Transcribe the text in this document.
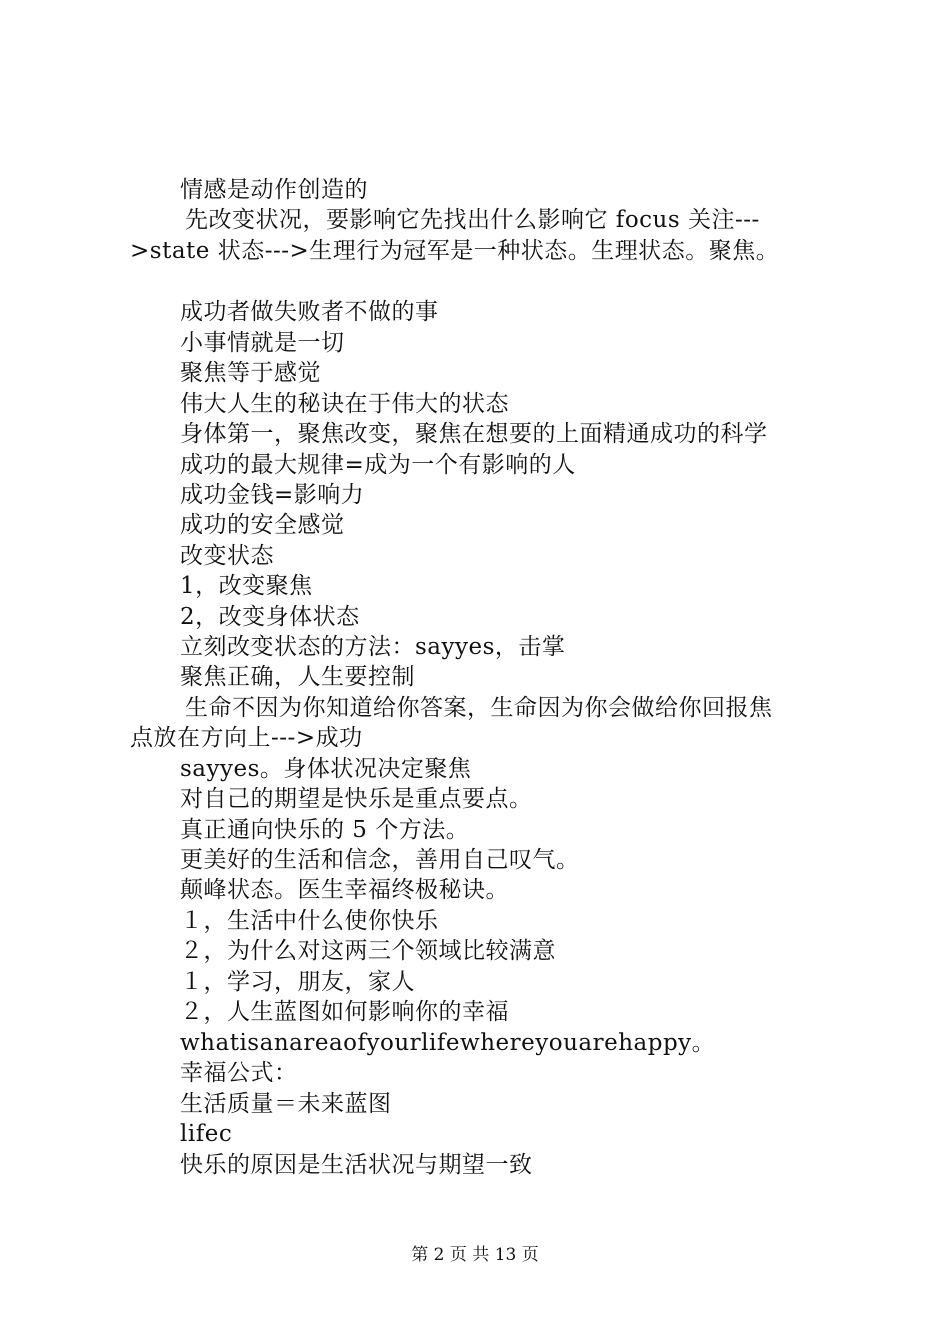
情感是动作创造的
先改变状况，要影响它先找出什么影响它 focus 关注---
>state 状态--->生理行为冠军是一种状态。生理状态。聚焦。
成功者做失败者不做的事
小事情就是一切
聚焦等于感觉
伟大人生的秘诀在于伟大的状态
身体第一，聚焦改变，聚焦在想要的上面精通成功的科学
成功的最大规律=成为一个有影响的人
成功金钱=影响力
成功的安全感觉
改变状态
1，改变聚焦
2，改变身体状态
立刻改变状态的方法：sayyes，击掌
聚焦正确，人生要控制
生命不因为你知道给你答案，生命因为你会做给你回报焦
点放在方向上--->成功
sayyes。身体状况决定聚焦
对自己的期望是快乐是重点要点。
真正通向快乐的 5 个方法。
更美好的生活和信念，善用自己叹气。
颠峰状态。医生幸福终极秘诀。
１，生活中什么使你快乐
２，为什么对这两三个领域比较满意
１，学习，朋友，家人
２，人生蓝图如何影响你的幸福
whatisanareaofyourlifewhereyouarehappy。
幸福公式：
生活质量＝未来蓝图
lifec
快乐的原因是生活状况与期望一致
第 2 页 共 13 页
